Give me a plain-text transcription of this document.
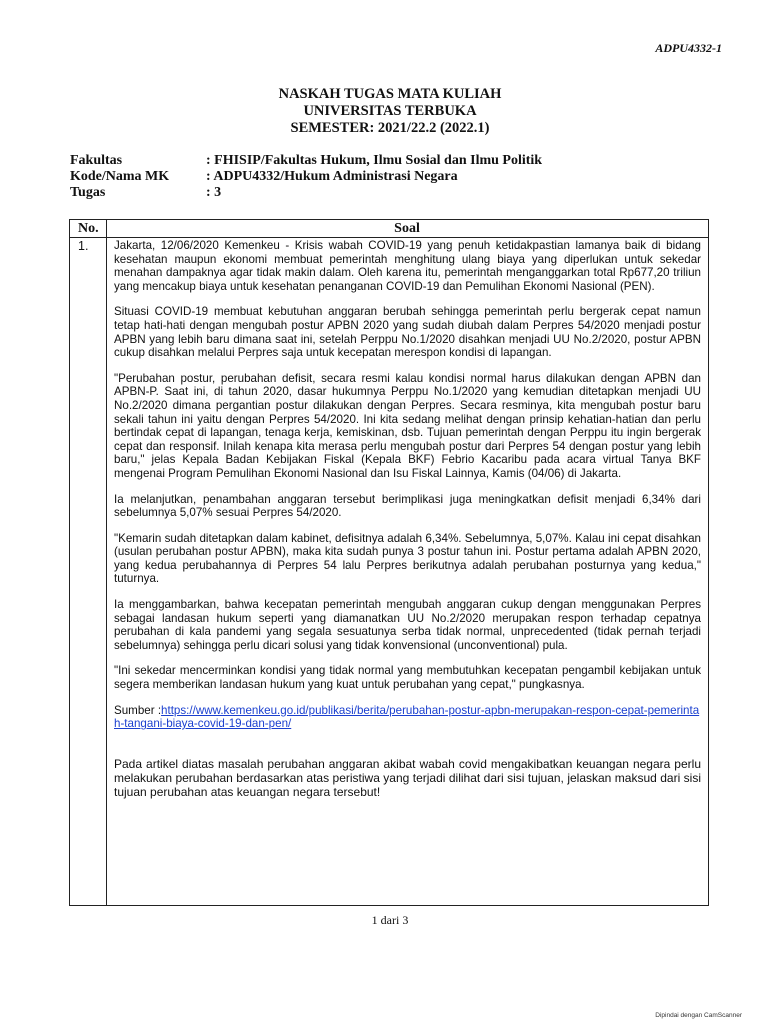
ADPU4332-1
NASKAH TUGAS MATA KULIAH
UNIVERSITAS TERBUKA
SEMESTER: 2021/22.2 (2022.1)
Fakultas	: FHISIP/Fakultas Hukum, Ilmu Sosial dan Ilmu Politik
Kode/Nama MK	: ADPU4332/Hukum Administrasi Negara
Tugas	: 3
No.	Soal
1. Jakarta, 12/06/2020 Kemenkeu - Krisis wabah COVID-19 yang penuh ketidakpastian lamanya baik di bidang kesehatan maupun ekonomi membuat pemerintah menghitung ulang biaya yang diperlukan untuk sekedar menahan dampaknya agar tidak makin dalam. Oleh karena itu, pemerintah menganggarkan total Rp677,20 triliun yang mencakup biaya untuk kesehatan penanganan COVID-19 dan Pemulihan Ekonomi Nasional (PEN).

Situasi COVID-19 membuat kebutuhan anggaran berubah sehingga pemerintah perlu bergerak cepat namun tetap hati-hati dengan mengubah postur APBN 2020 yang sudah diubah dalam Perpres 54/2020 menjadi postur APBN yang lebih baru dimana saat ini, setelah Perppu No.1/2020 disahkan menjadi UU No.2/2020, postur APBN cukup disahkan melalui Perpres saja untuk kecepatan merespon kondisi di lapangan.

"Perubahan postur, perubahan defisit, secara resmi kalau kondisi normal harus dilakukan dengan APBN dan APBN-P. Saat ini, di tahun 2020, dasar hukumnya Perppu No.1/2020 yang kemudian ditetapkan menjadi UU No.2/2020 dimana pergantian postur dilakukan dengan Perpres. Secara resminya, kita mengubah postur baru sekali tahun ini yaitu dengan Perpres 54/2020. Ini kita sedang melihat dengan prinsip kehatian-hatian dan perlu bertindak cepat di lapangan, tenaga kerja, kemiskinan, dsb. Tujuan pemerintah dengan Perppu itu ingin bergerak cepat dan responsif. Inilah kenapa kita merasa perlu mengubah postur dari Perpres 54 dengan postur yang lebih baru," jelas Kepala Badan Kebijakan Fiskal (Kepala BKF) Febrio Kacaribu pada acara virtual Tanya BKF mengenai Program Pemulihan Ekonomi Nasional dan Isu Fiskal Lainnya, Kamis (04/06) di Jakarta.

Ia melanjutkan, penambahan anggaran tersebut berimplikasi juga meningkatkan defisit menjadi 6,34% dari sebelumnya 5,07% sesuai Perpres 54/2020.

"Kemarin sudah ditetapkan dalam kabinet, defisitnya adalah 6,34%. Sebelumnya, 5,07%. Kalau ini cepat disahkan (usulan perubahan postur APBN), maka kita sudah punya 3 postur tahun ini. Postur pertama adalah APBN 2020, yang kedua perubahannya di Perpres 54 lalu Perpres berikutnya adalah perubahan posturnya yang kedua," tuturnya.

Ia menggambarkan, bahwa kecepatan pemerintah mengubah anggaran cukup dengan menggunakan Perpres sebagai landasan hukum seperti yang diamanatkan UU No.2/2020 merupakan respon terhadap cepatnya perubahan di kala pandemi yang segala sesuatunya serba tidak normal, unprecedented (tidak pernah terjadi sebelumnya) sehingga perlu dicari solusi yang tidak konvensional (unconventional) pula.

"Ini sekedar mencerminkan kondisi yang tidak normal yang membutuhkan kecepatan pengambil kebijakan untuk segera memberikan landasan hukum yang kuat untuk perubahan yang cepat," pungkasnya.

Sumber :https://www.kemenkeu.go.id/publikasi/berita/perubahan-postur-apbn-merupakan-respon-cepat-pemerintah-tangani-biaya-covid-19-dan-pen/

Pada artikel diatas masalah perubahan anggaran akibat wabah covid mengakibatkan keuangan negara perlu melakukan perubahan berdasarkan atas peristiwa yang terjadi dilihat dari sisi tujuan, jelaskan maksud dari sisi tujuan perubahan atas keuangan negara tersebut!

1 dari 3
Dipindai dengan CamScanner
